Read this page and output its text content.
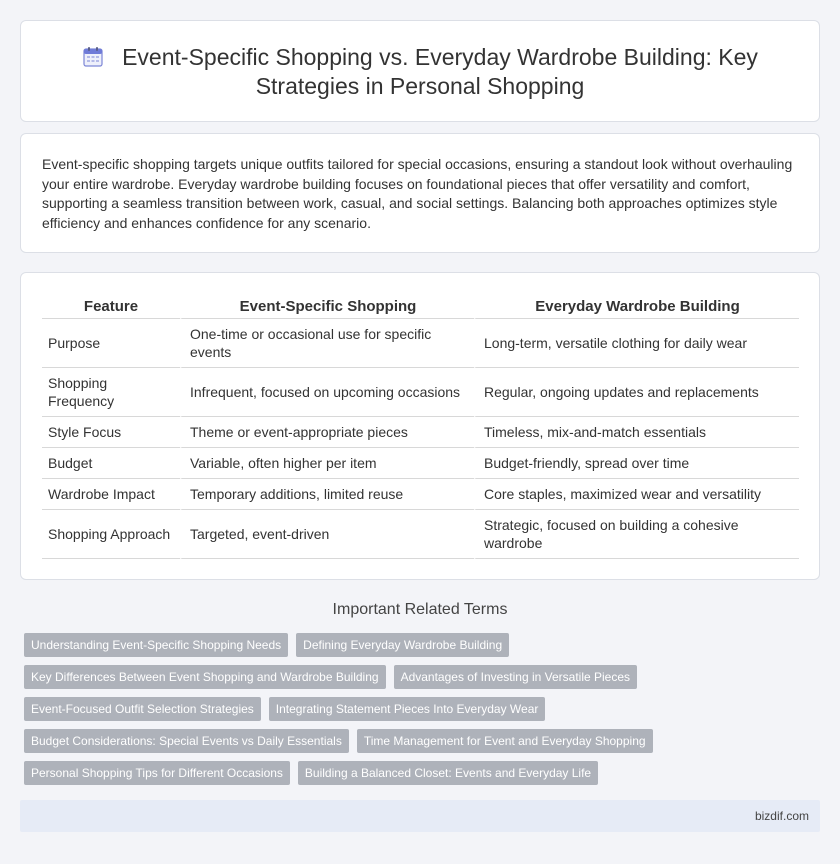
Event-Specific Shopping vs. Everyday Wardrobe Building: Key
Strategies in Personal Shopping

Event-specific shopping targets unique outfits tailored for special occasions, ensuring a standout look without overhauling your entire wardrobe. Everyday wardrobe building focuses on foundational pieces that offer versatility and comfort, supporting a seamless transition between work, casual, and social settings. Balancing both approaches optimizes style efficiency and enhances confidence for any scenario.

Feature	Event-Specific Shopping	Everyday Wardrobe Building
Purpose	One-time or occasional use for specific events	Long-term, versatile clothing for daily wear
Shopping Frequency	Infrequent, focused on upcoming occasions	Regular, ongoing updates and replacements
Style Focus	Theme or event-appropriate pieces	Timeless, mix-and-match essentials
Budget	Variable, often higher per item	Budget-friendly, spread over time
Wardrobe Impact	Temporary additions, limited reuse	Core staples, maximized wear and versatility
Shopping Approach	Targeted, event-driven	Strategic, focused on building a cohesive wardrobe
Important Related Terms
Understanding Event-Specific Shopping Needs	Defining Everyday Wardrobe Building
Key Differences Between Event Shopping and Wardrobe Building	Advantages of Investing in Versatile Pieces
Event-Focused Outfit Selection Strategies	Integrating Statement Pieces Into Everyday Wear
Budget Considerations: Special Events vs Daily Essentials	Time Management for Event and Everyday Shopping
Personal Shopping Tips for Different Occasions	Building a Balanced Closet: Events and Everyday Life
bizdif.com
